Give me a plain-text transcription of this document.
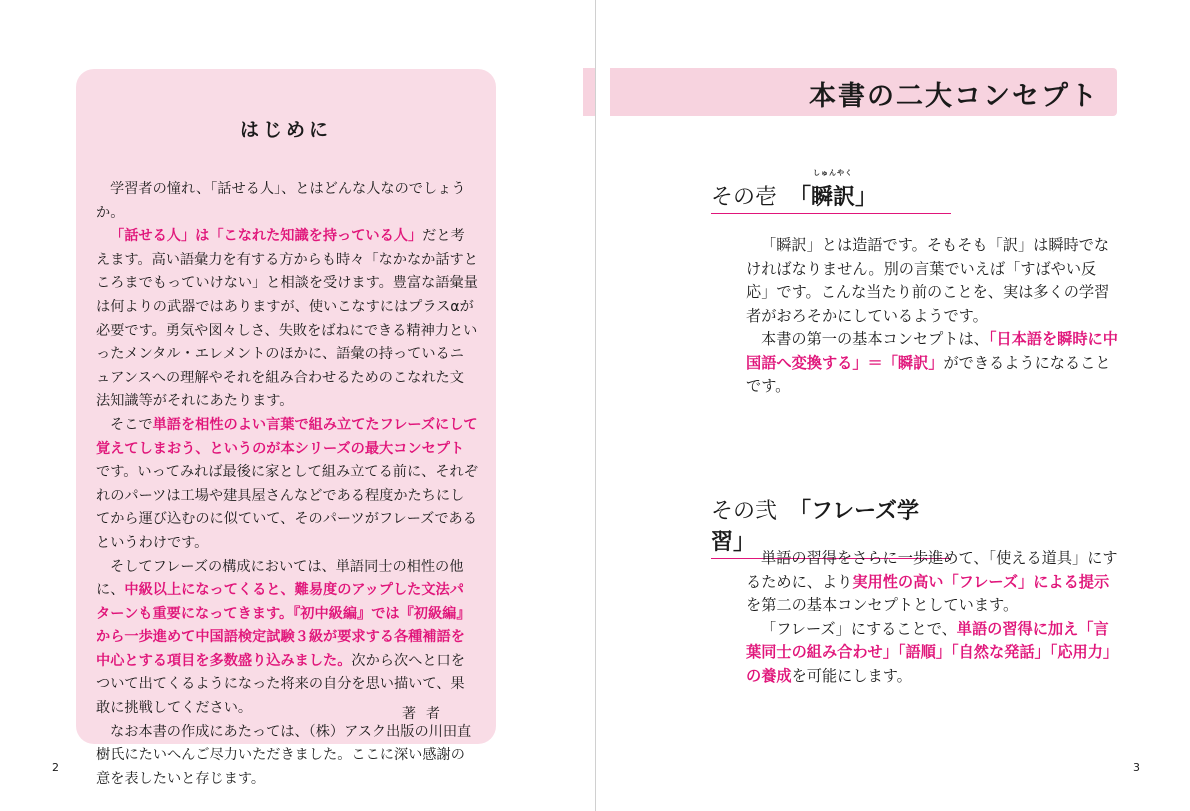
はじめに

学習者の憧れ、「話せる人」、とはどんな人なのでしょうか。

「話せる人」は「こなれた知識を持っている人」だと考えます。高い語彙力を有する方からも時々「なかなか話すところまでもっていけない」と相談を受けます。豊富な語彙量は何よりの武器ではありますが、使いこなすにはプラスαが必要です。勇気や図々しさ、失敗をばねにできる精神力といったメンタル・エレメントのほかに、語彙の持っているニュアンスへの理解やそれを組み合わせるためのこなれた文法知識等がそれにあたります。

そこで単語を相性のよい言葉で組み立てたフレーズにして覚えてしまおう、というのが本シリーズの最大コンセプトです。いってみれば最後に家として組み立てる前に、それぞれのパーツは工場や建具屋さんなどである程度かたちにしてから運び込むのに似ていて、そのパーツがフレーズであるというわけです。

そしてフレーズの構成においては、単語同士の相性の他に、中級以上になってくると、難易度のアップした文法パターンも重要になってきます。『初中級編』では『初級編』から一歩進めて中国語検定試験３級が要求する各種補語を中心とする項目を多数盛り込みました。次から次へと口をついて出てくるようになった将来の自分を思い描いて、果敢に挑戦してください。

なお本書の作成にあたっては、（株）アスク出版の川田直樹氏にたいへんご尽力いただきました。ここに深い感謝の意を表したいと存じます。

著者
2
本書の二大コンセプト
その壱 「
しゅんやく
瞬訳」

「瞬訳」とは造語です。そもそも「訳」は瞬時でなければなりません。別の言葉でいえば「すばやい反応」です。こんな当たり前のことを、実は多くの学習者がおろそかにしているようです。

本書の第一の基本コンセプトは、「日本語を瞬時に中国語へ変換する」＝「瞬訳」ができるようになることです。

その弐 「フレーズ学習」

単語の習得をさらに一歩進めて、「使える道具」にするために、より実用性の高い「フレーズ」による提示を第二の基本コンセプトとしています。

「フレーズ」にすることで、単語の習得に加え「言葉同士の組み合わせ」「語順」「自然な発話」「応用力」の養成を可能にします。

3
